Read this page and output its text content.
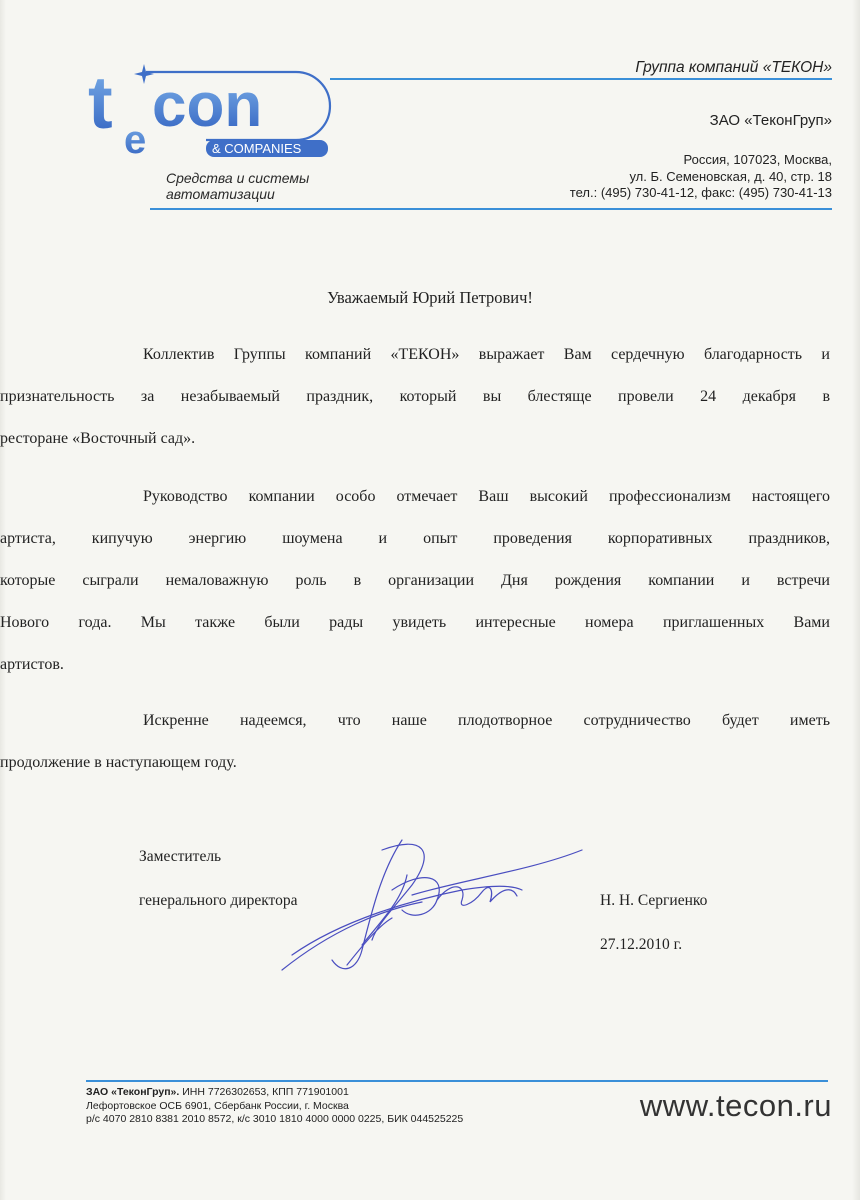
t e con
& COMPANIES
Средства и системы
автоматизации
Группа компаний «ТЕКОН»
ЗАО «ТеконГруп»
Россия, 107023, Москва,
ул. Б. Семеновская, д. 40, стр. 18
тел.: (495) 730-41-12, факс: (495) 730-41-13
Уважаемый Юрий Петрович!
Коллектив Группы компаний «ТЕКОН» выражает Вам сердечную благодарность и
признательность за незабываемый праздник, который вы блестяще провели 24 декабря в
ресторане «Восточный сад».
Руководство компании особо отмечает Ваш высокий профессионализм настоящего
артиста, кипучую энергию шоумена и опыт проведения корпоративных праздников,
которые сыграли немаловажную роль в организации Дня рождения компании и встречи
Нового года. Мы также были рады увидеть интересные номера приглашенных Вами
артистов.
Искренне надеемся, что наше плодотворное сотрудничество будет иметь
продолжение в наступающем году.
Заместитель
генерального директора	Н. Н. Сергиенко
27.12.2010 г.
ЗАО «ТеконГруп». ИНН 7726302653, КПП 771901001
Лефортовское ОСБ 6901, Сбербанк России, г. Москва
р/с 4070 2810 8381 2010 8572, к/с 3010 1810 4000 0000 0225, БИК 044525225	www.tecon.ru
